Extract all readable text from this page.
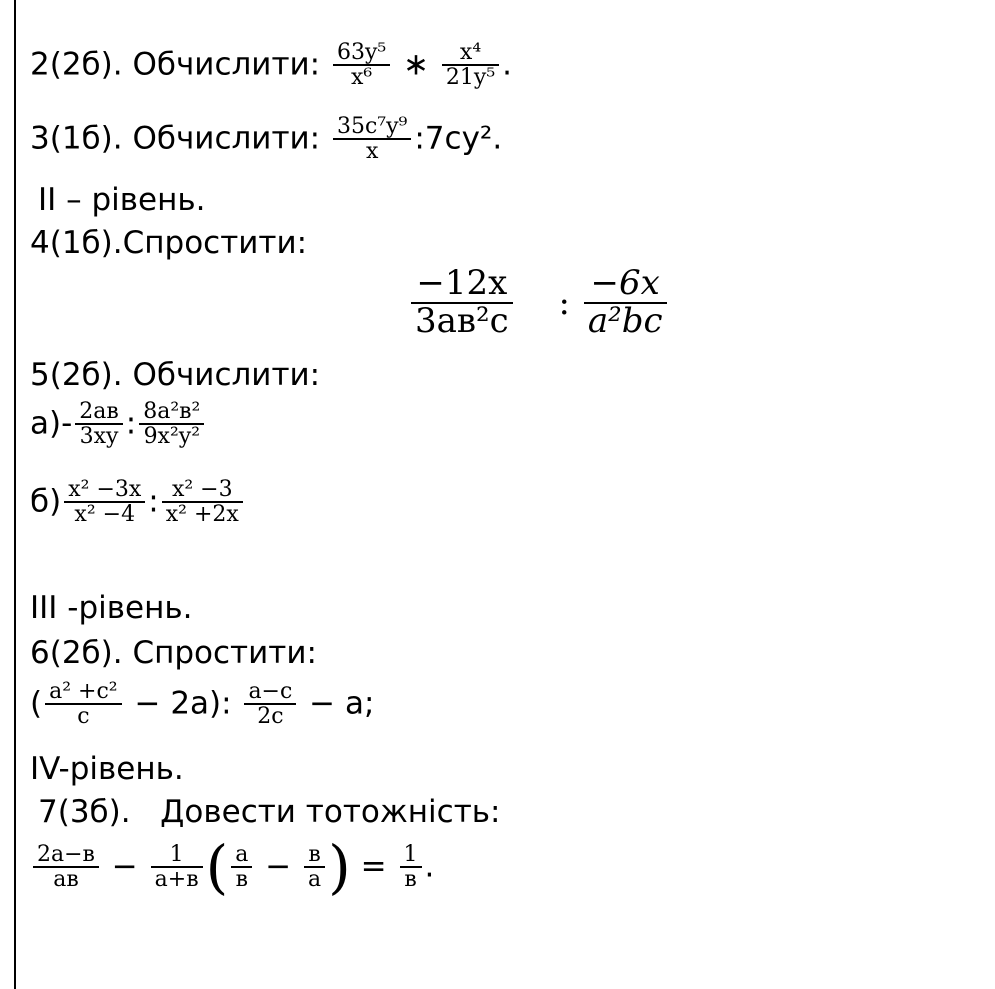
2(2б). Обчислити: $\frac{\text{63y⁵}}{\text{x⁶}}$ ∗ $\frac{\text{x⁴}}{\text{21y⁵}}$ .
3(1б). Обчислити: $\frac{\text{35c⁷y⁹}}{x}$ :7cy².
II – рівень.
4(1б).Спростити:
$\frac{-12x}{\text{3ав²с}}$ : $\frac{-6x}{\text{a²bc}}$
5(2б). Обчислити:
$а)- \frac{2ав}{3xy}$ : $\frac{\text{8a²в²}}{\text{9x²y²}}$
$б) \frac{\text{x² −3x}}{\text{x² −4}}$ : $\frac{\text{x² −3}}{\text{x² +2x}}$
III -рівень.
6(2б). Спростити:
( $\frac{\text{a² +c²}}{c} - 2a$): $\frac{a-c}{2c} - a$;
IV-рівень.
7(3б).   Довести тотожність:
$\frac{2a-в}{aв} - \frac{1}{a+в}$ ( $\frac{a}{в} - \frac{в}{a}$ ) = $\frac{1}{в}$ .
